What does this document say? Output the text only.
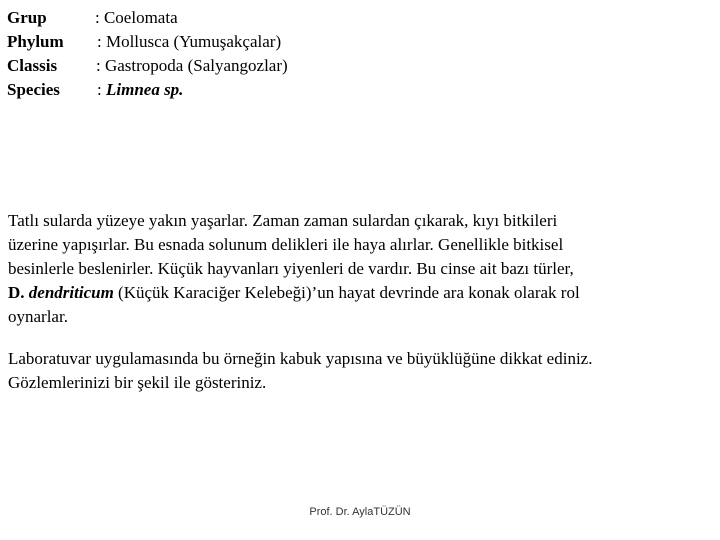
Grup	: Coelomata
Phylum : Mollusca (Yumuşakçalar)
Classis : Gastropoda (Salyangozlar)
Species : Limnea sp.
Tatlı sularda yüzeye yakın yaşarlar. Zaman zaman sulardan çıkarak, kıyı bitkileri
üzerine yapışırlar. Bu esnada solunum delikleri ile haya alırlar. Genellikle bitkisel
besinlerle beslenirler. Küçük hayvanları yiyenleri de vardır. Bu cinse ait bazı türler,
D. dendriticum (Küçük Karaciğer Kelebeği)’un hayat devrinde ara konak olarak rol
oynarlar.
Laboratuvar uygulamasında bu örneğin kabuk yapısına ve büyüklüğüne dikkat ediniz.
Gözlemlerinizi bir şekil ile gösteriniz.
Prof. Dr. AylaTÜZÜN
